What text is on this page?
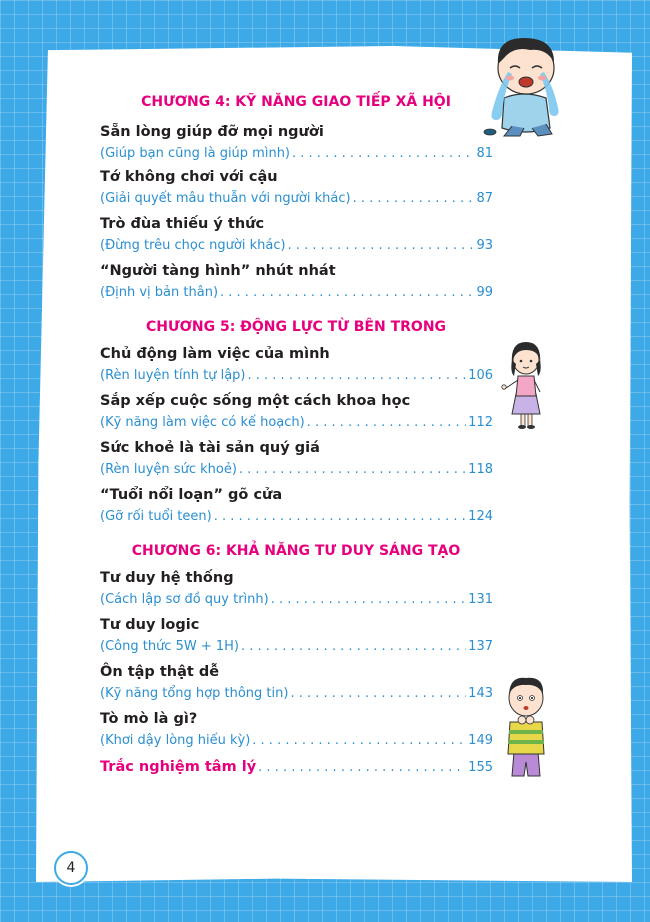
CHƯƠNG 4: KỸ NĂNG GIAO TIẾP XÃ HỘI
Sẵn lòng giúp đỡ mọi người
(Giúp bạn cũng là giúp mình) . . .	81
Tớ không chơi với cậu
(Giải quyết mâu thuẫn với người khác) . . .	87
Trò đùa thiếu ý thức
(Đừng trêu chọc người khác) . . .	93
“Người tàng hình” nhút nhát
(Định vị bản thân) . . .	99
CHƯƠNG 5: ĐỘNG LỰC TỪ BÊN TRONG
Chủ động làm việc của mình
(Rèn luyện tính tự lập) . . .	106
Sắp xếp cuộc sống một cách khoa học
(Kỹ năng làm việc có kế hoạch) . . .	112
Sức khoẻ là tài sản quý giá
(Rèn luyện sức khoẻ) . . .	118
“Tuổi nổi loạn” gõ cửa
(Gỡ rối tuổi teen) . . .	124
CHƯƠNG 6: KHẢ NĂNG TƯ DUY SÁNG TẠO
Tư duy hệ thống
(Cách lập sơ đồ quy trình) . . .	131
Tư duy logic
(Công thức 5W + 1H) . . .	137
Ôn tập thật dễ
(Kỹ năng tổng hợp thông tin) . . .	143
Tò mò là gì?
(Khơi dậy lòng hiếu kỳ) . . .	149
Trắc nghiệm tâm lý . . .	155
4
